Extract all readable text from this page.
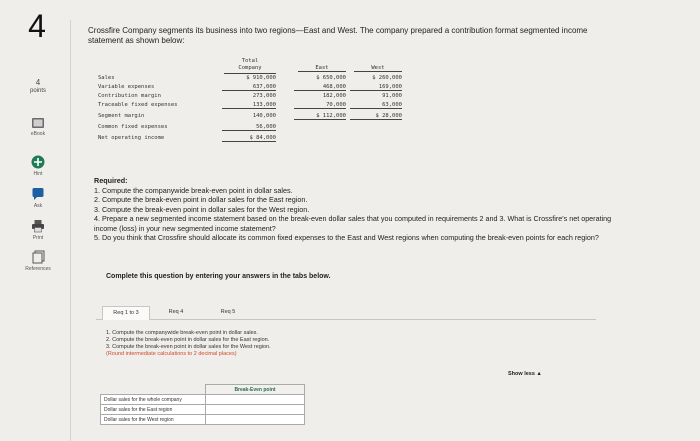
4
4
points
eBook
Hint
Ask
Print
References
Crossfire Company segments its business into two regions—East and West. The company prepared a contribution format segmented income statement as shown below:
Total
Company	East	West
Sales	$ 910,000	$ 650,000	$ 260,000
Variable expenses	637,000	468,000	169,000
Contribution margin	273,000	182,000	91,000
Traceable fixed expenses	133,000	70,000	63,000
Segment margin	140,000	$ 112,000	$ 28,000
Common fixed expenses	56,000
Net operating income	$ 84,000
Required:
1. Compute the companywide break-even point in dollar sales.
2. Compute the break-even point in dollar sales for the East region.
3. Compute the break-even point in dollar sales for the West region.
4. Prepare a new segmented income statement based on the break-even dollar sales that you computed in requirements 2 and 3. What is Crossfire's net operating income (loss) in your new segmented income statement?
5. Do you think that Crossfire should allocate its common fixed expenses to the East and West regions when computing the break-even points for each region?
Complete this question by entering your answers in the tabs below.
Req 1 to 3	Req 4	Req 5
1. Compute the companywide break-even point in dollar sales.
2. Compute the break-even point in dollar sales for the East region.
3. Compute the break-even point in dollar sales for the West region.
(Round intermediate calculations to 2 decimal places)
Show less ▲
	Break-Even point
Dollar sales for the whole company	
Dollar sales for the East region	
Dollar sales for the West region	
